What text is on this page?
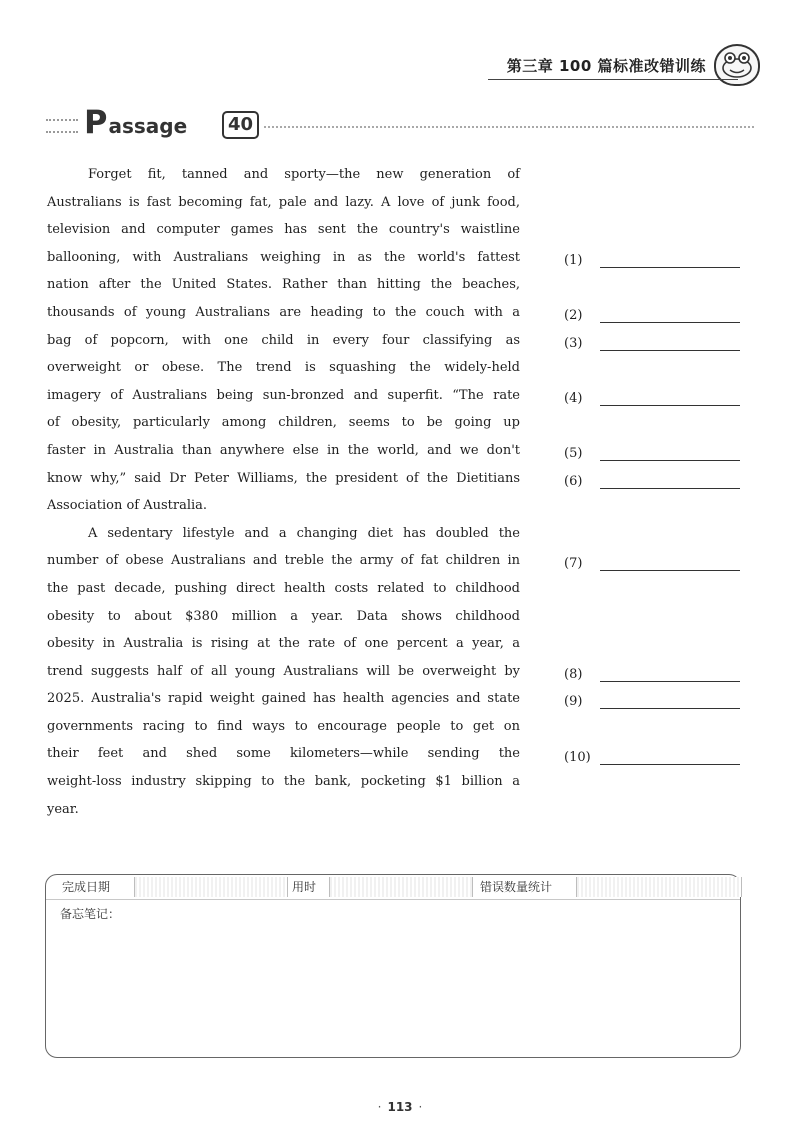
第三章 100 篇标准改错训练
P assage	40
Forget fit, tanned and sporty—the new generation of
Australians is fast becoming fat, pale and lazy. A love of junk food,
television and computer games has sent the country's waistline
ballooning, with Australians weighing in as the world's fattest
nation after the United States. Rather than hitting the beaches,
thousands of young Australians are heading to the couch with a
bag of popcorn, with one child in every four classifying as
overweight or obese. The trend is squashing the widely-held
imagery of Australians being sun-bronzed and superfit. “The rate
of obesity, particularly among children, seems to be going up
faster in Australia than anywhere else in the world, and we don't
know why,” said Dr Peter Williams, the president of the Dietitians
Association of Australia.
A sedentary lifestyle and a changing diet has doubled the
number of obese Australians and treble the army of fat children in
the past decade, pushing direct health costs related to childhood
obesity to about $380 million a year. Data shows childhood
obesity in Australia is rising at the rate of one percent a year, a
trend suggests half of all young Australians will be overweight by
2025. Australia's rapid weight gained has health agencies and state
governments racing to find ways to encourage people to get on
their feet and shed some kilometers—while sending the
weight-loss industry skipping to the bank, pocketing $1 billion a
year.
(1)
(2)
(3)
(4)
(5)
(6)
(7)
(8)
(9)
(10)
完成日期	用时	错误数量统计
备忘笔记：
· 113 ·
